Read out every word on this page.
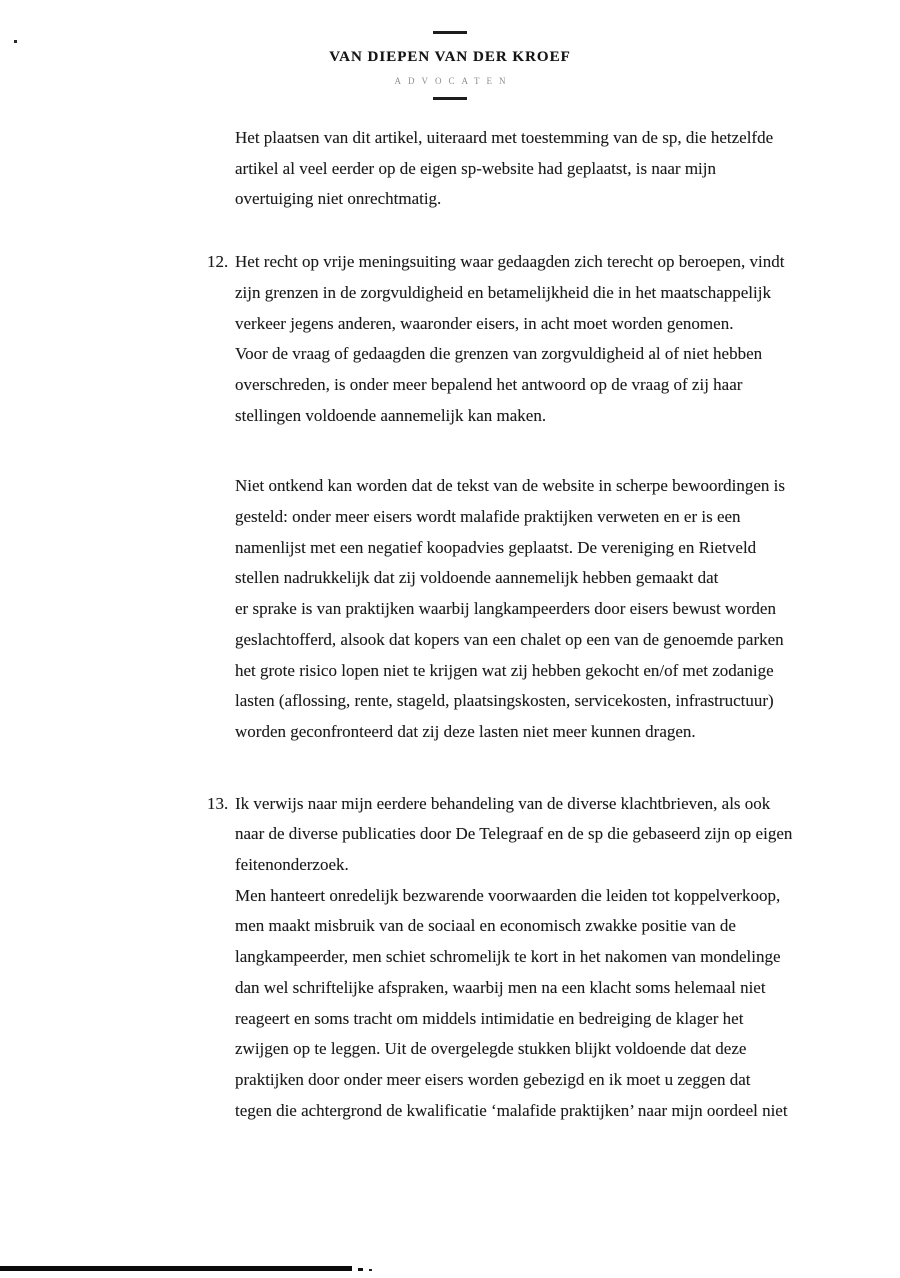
VAN DIEPEN VAN DER KROEF
ADVOCATEN
Het plaatsen van dit artikel, uiteraard met toestemming van de sp, die hetzelfde
artikel al veel eerder op de eigen sp-website had geplaatst, is naar mijn
overtuiging niet onrechtmatig.
12. Het recht op vrije meningsuiting waar gedaagden zich terecht op beroepen, vindt
zijn grenzen in de zorgvuldigheid en betamelijkheid die in het maatschappelijk
verkeer jegens anderen, waaronder eisers, in acht moet worden genomen.
Voor de vraag of gedaagden die grenzen van zorgvuldigheid al of niet hebben
overschreden, is onder meer bepalend het antwoord op de vraag of zij haar
stellingen voldoende aannemelijk kan maken.
Niet ontkend kan worden dat de tekst van de website in scherpe bewoordingen is
gesteld: onder meer eisers wordt malafide praktijken verweten en er is een
namenlijst met een negatief koopadvies geplaatst. De vereniging en Rietveld
stellen nadrukkelijk dat zij voldoende aannemelijk hebben gemaakt dat
er sprake is van praktijken waarbij langkampeerders door eisers bewust worden
geslachtofferd, alsook dat kopers van een chalet op een van de genoemde parken
het grote risico lopen niet te krijgen wat zij hebben gekocht en/of met zodanige
lasten (aflossing, rente, stageld, plaatsingskosten, servicekosten, infrastructuur)
worden geconfronteerd dat zij deze lasten niet meer kunnen dragen.
13. Ik verwijs naar mijn eerdere behandeling van de diverse klachtbrieven, als ook
naar de diverse publicaties door De Telegraaf en de sp die gebaseerd zijn op eigen
feitenonderzoek.
Men hanteert onredelijk bezwarende voorwaarden die leiden tot koppelverkoop,
men maakt misbruik van de sociaal en economisch zwakke positie van de
langkampeerder, men schiet schromelijk te kort in het nakomen van mondelinge
dan wel schriftelijke afspraken, waarbij men na een klacht soms helemaal niet
reageert en soms tracht om middels intimidatie en bedreiging de klager het
zwijgen op te leggen. Uit de overgelegde stukken blijkt voldoende dat deze
praktijken door onder meer eisers worden gebezigd en ik moet u zeggen dat
tegen die achtergrond de kwalificatie ‘malafide praktijken’ naar mijn oordeel niet
